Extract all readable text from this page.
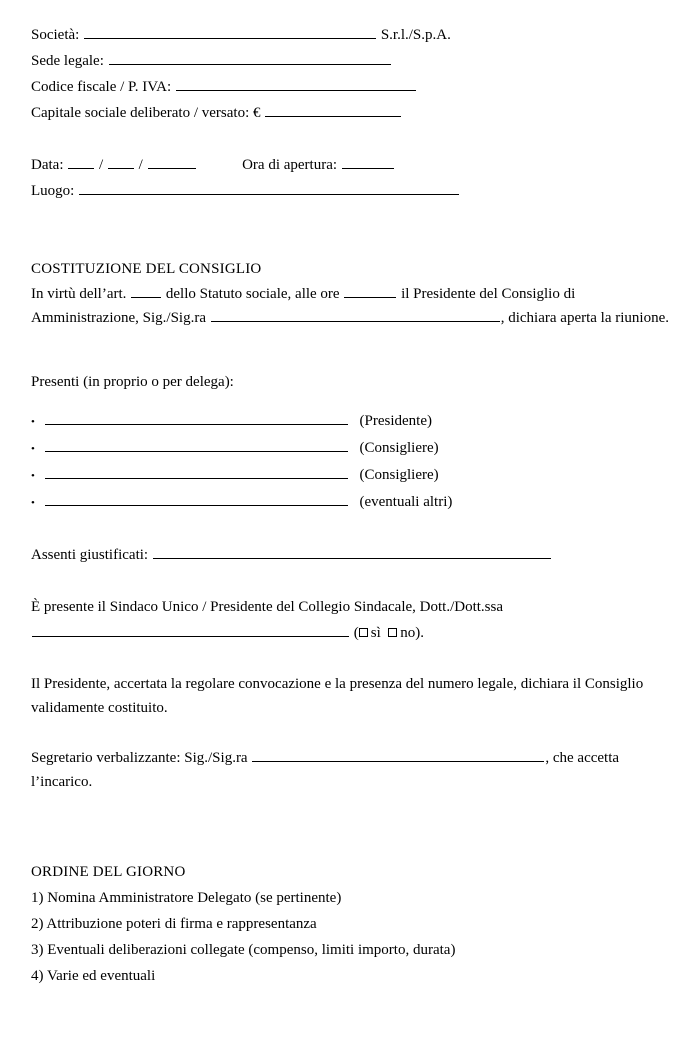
Società:	S.r.l./S.p.A.
Sede legale:
Codice fiscale / P. IVA:
Capitale sociale deliberato / versato: €
Data: / /	Ora di apertura:
Luogo:
COSTITUZIONE DEL CONSIGLIO
In virtù dell’art.	dello Statuto sociale, alle ore	il Presidente del Consiglio di Amministrazione, Sig./Sig.ra	, dichiara aperta la riunione.
Presenti (in proprio o per delega):
•	(Presidente)
•	(Consigliere)
•	(Consigliere)
•	(eventuali altri)
Assenti giustificati:
È presente il Sindaco Unico / Presidente del Collegio Sindacale, Dott./Dott.ssa
( sì no).
Il Presidente, accertata la regolare convocazione e la presenza del numero legale, dichiara il Consiglio validamente costituito.
Segretario verbalizzante: Sig./Sig.ra	, che accetta l’incarico.
ORDINE DEL GIORNO
1) Nomina Amministratore Delegato (se pertinente)
2) Attribuzione poteri di firma e rappresentanza
3) Eventuali deliberazioni collegate (compenso, limiti importo, durata)
4) Varie ed eventuali
